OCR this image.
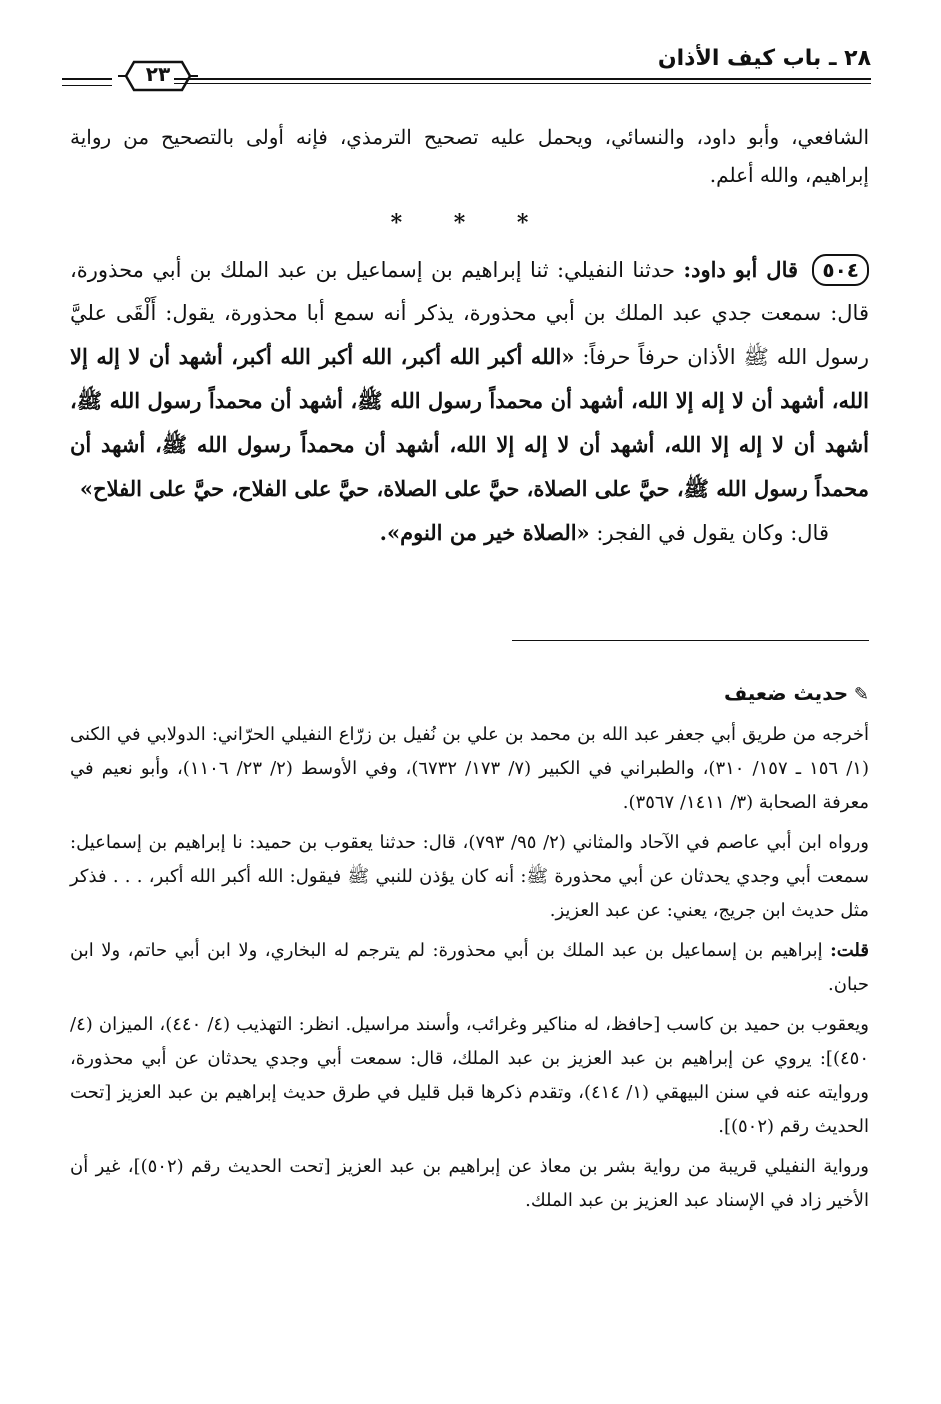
٢٨ ـ باب كيف الأذان
٢٣

الشافعي، وأبو داود، والنسائي، ويحمل عليه تصحيح الترمذي، فإنه أولى بالتصحيح من رواية إبراهيم، والله أعلم.

* * *

٥٠٤ قال أبو داود: حدثنا النفيلي: ثنا إبراهيم بن إسماعيل بن عبد الملك بن أبي محذورة، قال: سمعت جدي عبد الملك بن أبي محذورة، يذكر أنه سمع أبا محذورة، يقول: أَلْقَى عليَّ رسول الله ﷺ الأذان حرفاً حرفاً: «الله أكبر الله أكبر، الله أكبر الله أكبر، أشهد أن لا إله إلا الله، أشهد أن لا إله إلا الله، أشهد أن محمداً رسول الله ﷺ، أشهد أن محمداً رسول الله ﷺ، أشهد أن لا إله إلا الله، أشهد أن لا إله إلا الله، أشهد أن محمداً رسول الله ﷺ، أشهد أن محمداً رسول الله ﷺ، حيَّ على الصلاة، حيَّ على الصلاة، حيَّ على الفلاح، حيَّ على الفلاح»

قال: وكان يقول في الفجر: «الصلاة خير من النوم».

✎ حديث ضعيف

أخرجه من طريق أبي جعفر عبد الله بن محمد بن علي بن نُفيل بن زرّاع النفيلي الحرّاني: الدولابي في الكنى (١/ ١٥٦ ـ ١٥٧/ ٣١٠)، والطبراني في الكبير (٧/ ١٧٣/ ٦٧٣٢)، وفي الأوسط (٢/ ٢٣/ ١١٠٦)، وأبو نعيم في معرفة الصحابة (٣/ ١٤١١/ ٣٥٦٧).

ورواه ابن أبي عاصم في الآحاد والمثاني (٢/ ٩٥/ ٧٩٣)، قال: حدثنا يعقوب بن حميد: نا إبراهيم بن إسماعيل: سمعت أبي وجدي يحدثان عن أبي محذورة ﷺ: أنه كان يؤذن للنبي ﷺ فيقول: الله أكبر الله أكبر، . . . فذكر مثل حديث ابن جريج، يعني: عن عبد العزيز.

قلت: إبراهيم بن إسماعيل بن عبد الملك بن أبي محذورة: لم يترجم له البخاري، ولا ابن أبي حاتم، ولا ابن حبان.

ويعقوب بن حميد بن كاسب [حافظ، له مناكير وغرائب، وأسند مراسيل. انظر: التهذيب (٤/ ٤٤٠)، الميزان (٤/ ٤٥٠)]: يروي عن إبراهيم بن عبد العزيز بن عبد الملك، قال: سمعت أبي وجدي يحدثان عن أبي محذورة، وروايته عنه في سنن البيهقي (١/ ٤١٤)، وتقدم ذكرها قبل قليل في طرق حديث إبراهيم بن عبد العزيز [تحت الحديث رقم (٥٠٢)].

ورواية النفيلي قريبة من رواية بشر بن معاذ عن إبراهيم بن عبد العزيز [تحت الحديث رقم (٥٠٢)]، غير أن الأخير زاد في الإسناد عبد العزيز بن عبد الملك.
